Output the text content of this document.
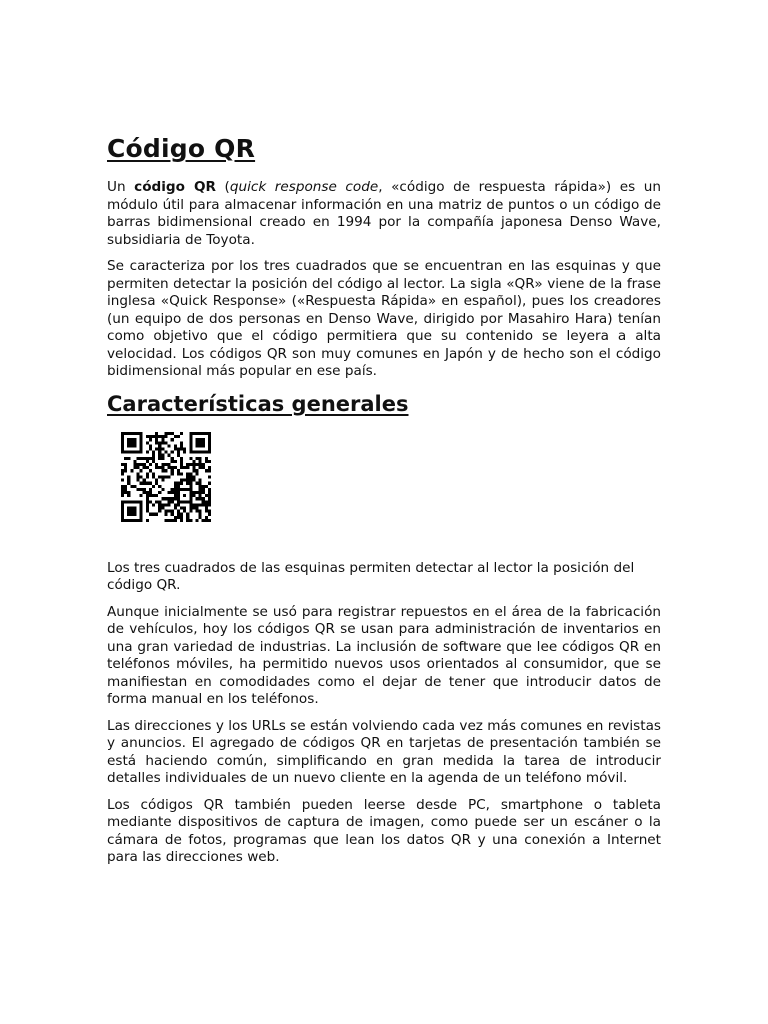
Código QR

Un código QR (quick response code, «código de respuesta rápida») es un módulo útil para almacenar información en una matriz de puntos o un código de barras bidimensional creado en 1994 por la compañía japonesa Denso Wave, subsidiaria de Toyota.

Se caracteriza por los tres cuadrados que se encuentran en las esquinas y que permiten detectar la posición del código al lector. La sigla «QR» viene de la frase inglesa «Quick Response» («Respuesta Rápida» en español), pues los creadores (un equipo de dos personas en Denso Wave, dirigido por Masahiro Hara) tenían como objetivo que el código permitiera que su contenido se leyera a alta velocidad. Los códigos QR son muy comunes en Japón y de hecho son el código bidimensional más popular en ese país.

Características generales

Los tres cuadrados de las esquinas permiten detectar al lector la posición del código QR.

Aunque inicialmente se usó para registrar repuestos en el área de la fabricación de vehículos, hoy los códigos QR se usan para administración de inventarios en una gran variedad de industrias. La inclusión de software que lee códigos QR en teléfonos móviles, ha permitido nuevos usos orientados al consumidor, que se manifiestan en comodidades como el dejar de tener que introducir datos de forma manual en los teléfonos.

Las direcciones y los URLs se están volviendo cada vez más comunes en revistas y anuncios. El agregado de códigos QR en tarjetas de presentación también se está haciendo común, simplificando en gran medida la tarea de introducir detalles individuales de un nuevo cliente en la agenda de un teléfono móvil.

Los códigos QR también pueden leerse desde PC, smartphone o tableta mediante dispositivos de captura de imagen, como puede ser un escáner o la cámara de fotos, programas que lean los datos QR y una conexión a Internet para las direcciones web.
